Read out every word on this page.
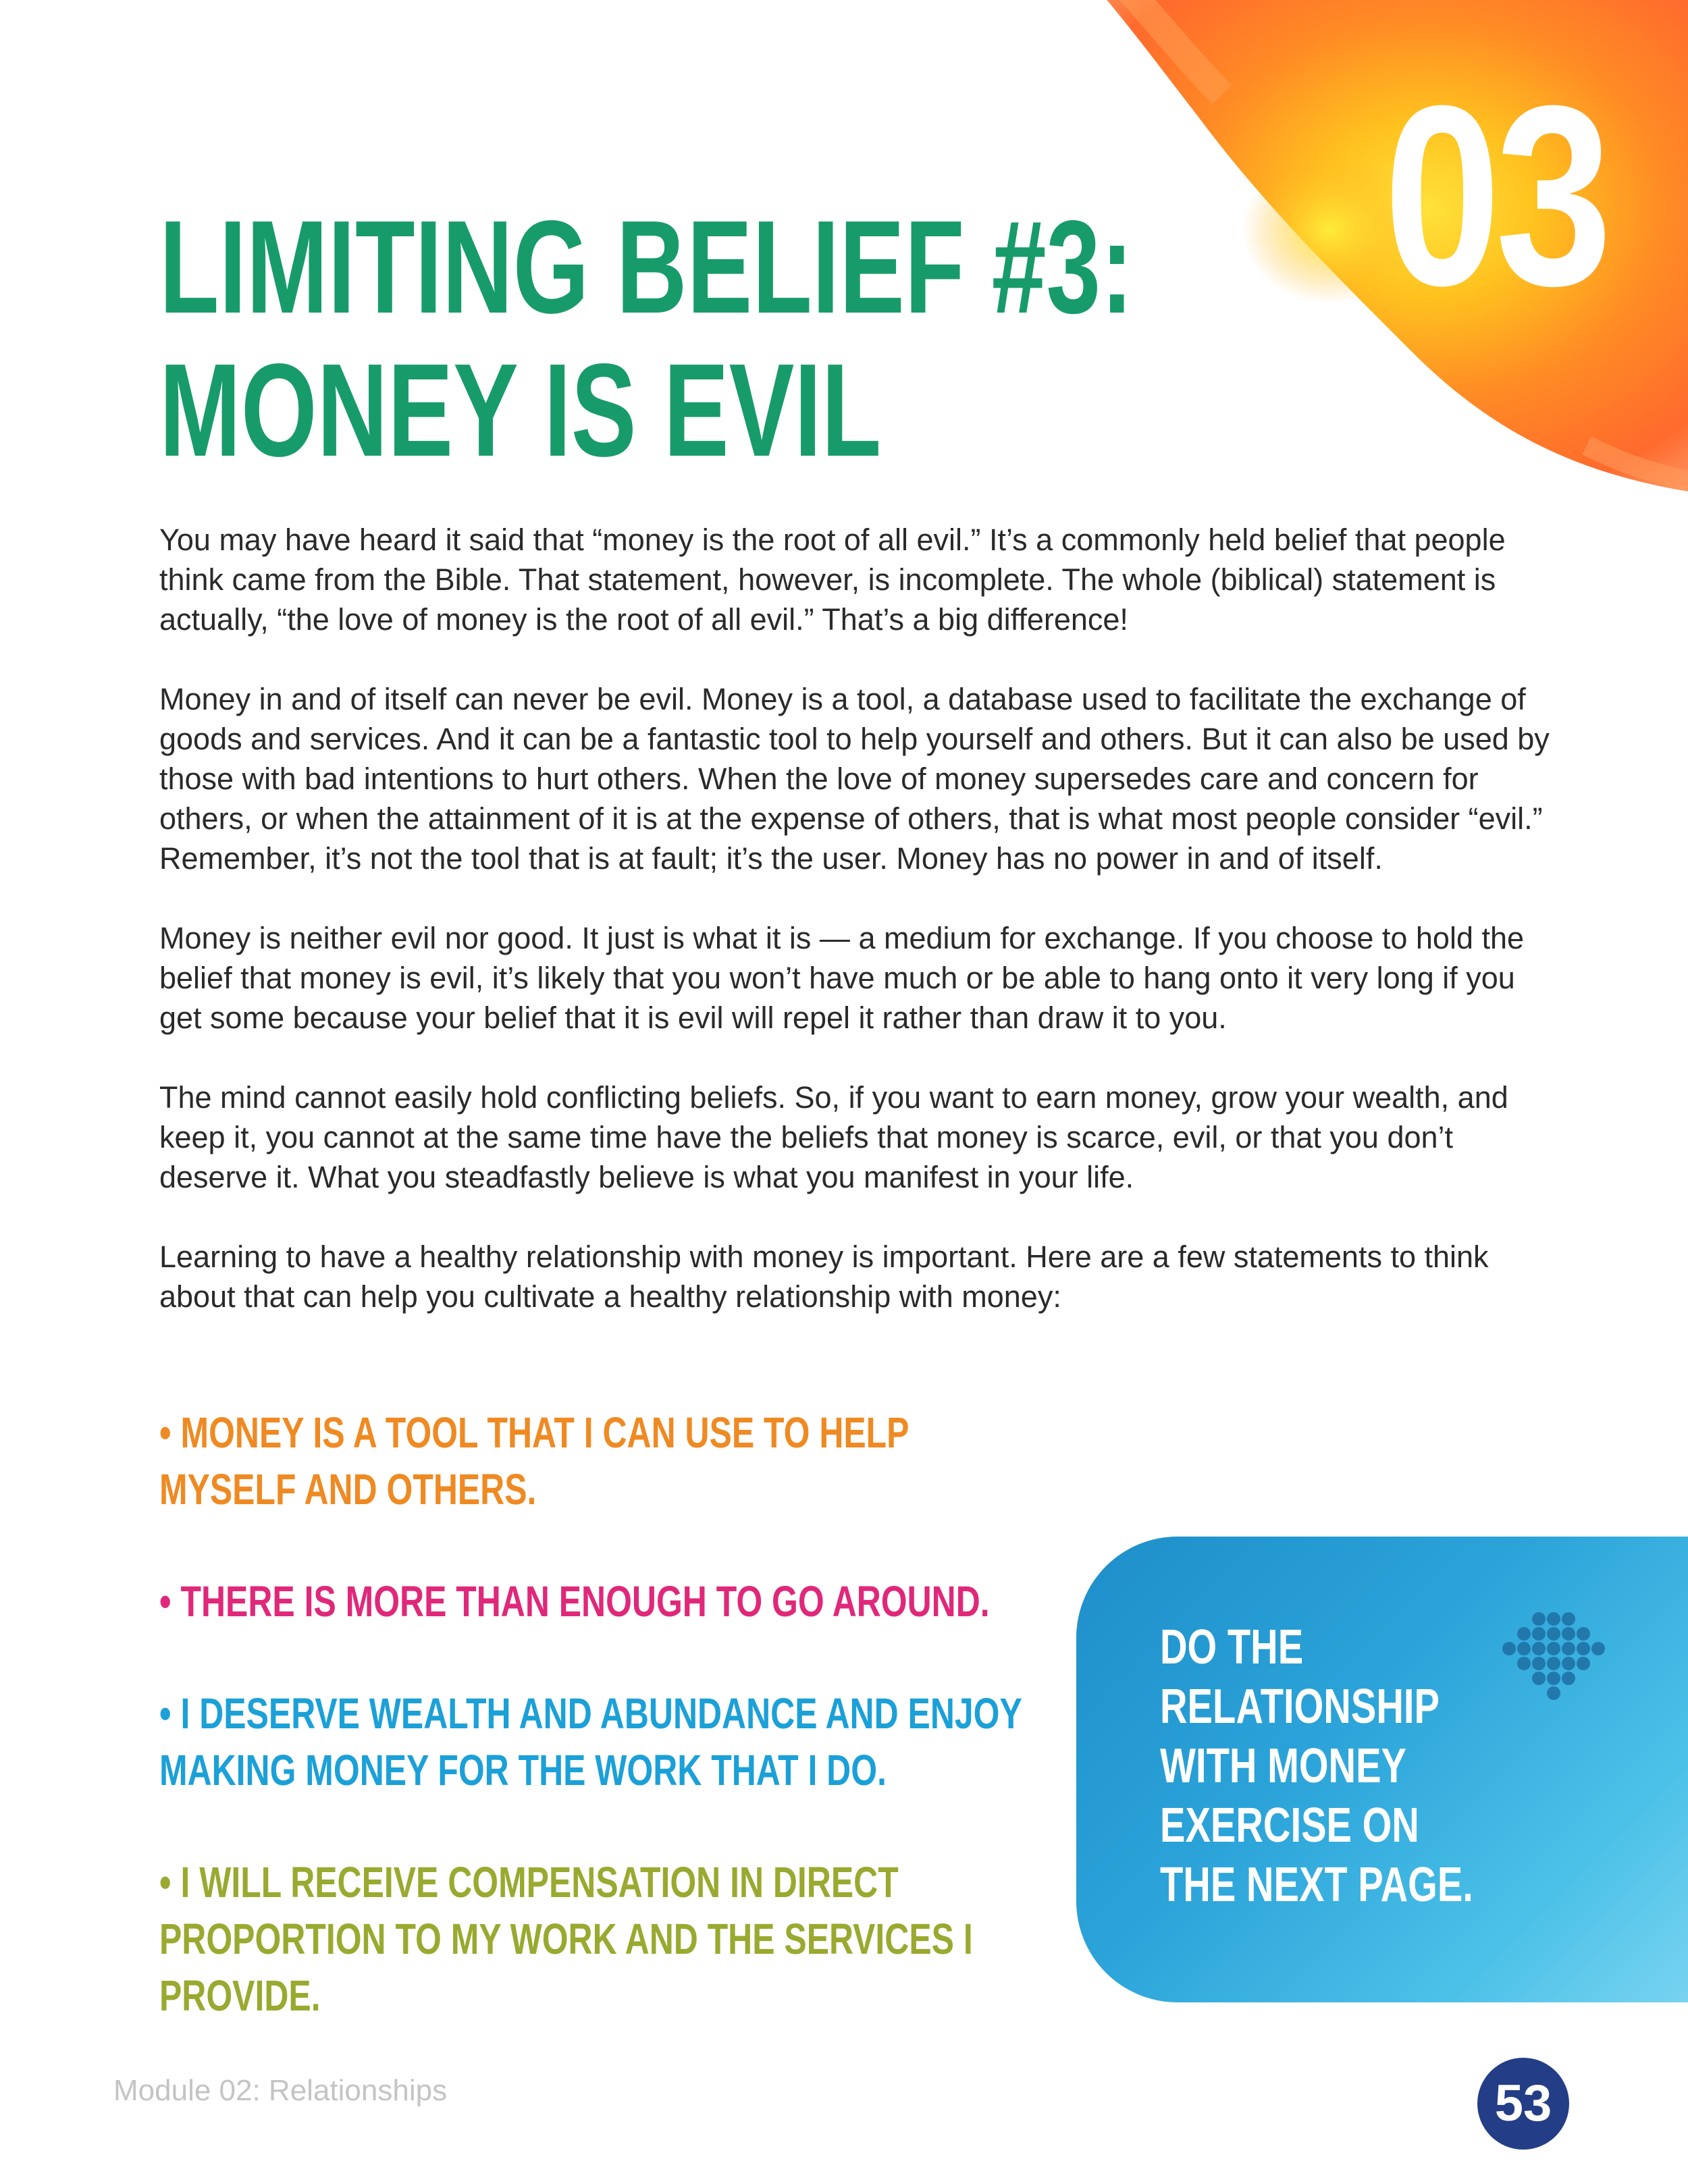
03
LIMITING BELIEF #3:
MONEY IS EVIL

You may have heard it said that “money is the root of all evil.” It’s a commonly held belief that people think came from the Bible. That statement, however, is incomplete. The whole (biblical) statement is actually, “the love of money is the root of all evil.” That’s a big difference!

Money in and of itself can never be evil. Money is a tool, a database used to facilitate the exchange of goods and services. And it can be a fantastic tool to help yourself and others. But it can also be used by those with bad intentions to hurt others. When the love of money supersedes care and concern for others, or when the attainment of it is at the expense of others, that is what most people consider “evil.” Remember, it’s not the tool that is at fault; it’s the user. Money has no power in and of itself.

Money is neither evil nor good. It just is what it is — a medium for exchange. If you choose to hold the belief that money is evil, it’s likely that you won’t have much or be able to hang onto it very long if you get some because your belief that it is evil will repel it rather than draw it to you.

The mind cannot easily hold conflicting beliefs. So, if you want to earn money, grow your wealth, and keep it, you cannot at the same time have the beliefs that money is scarce, evil, or that you don’t deserve it. What you steadfastly believe is what you manifest in your life.

Learning to have a healthy relationship with money is important. Here are a few statements to think about that can help you cultivate a healthy relationship with money:

• MONEY IS A TOOL THAT I CAN USE TO HELP
MYSELF AND OTHERS.
• THERE IS MORE THAN ENOUGH TO GO AROUND.
• I DESERVE WEALTH AND ABUNDANCE AND ENJOY
MAKING MONEY FOR THE WORK THAT I DO.
• I WILL RECEIVE COMPENSATION IN DIRECT
PROPORTION TO MY WORK AND THE SERVICES I
PROVIDE.
DO THE
RELATIONSHIP
WITH MONEY
EXERCISE ON
THE NEXT PAGE.
Module 02: Relationships	53
